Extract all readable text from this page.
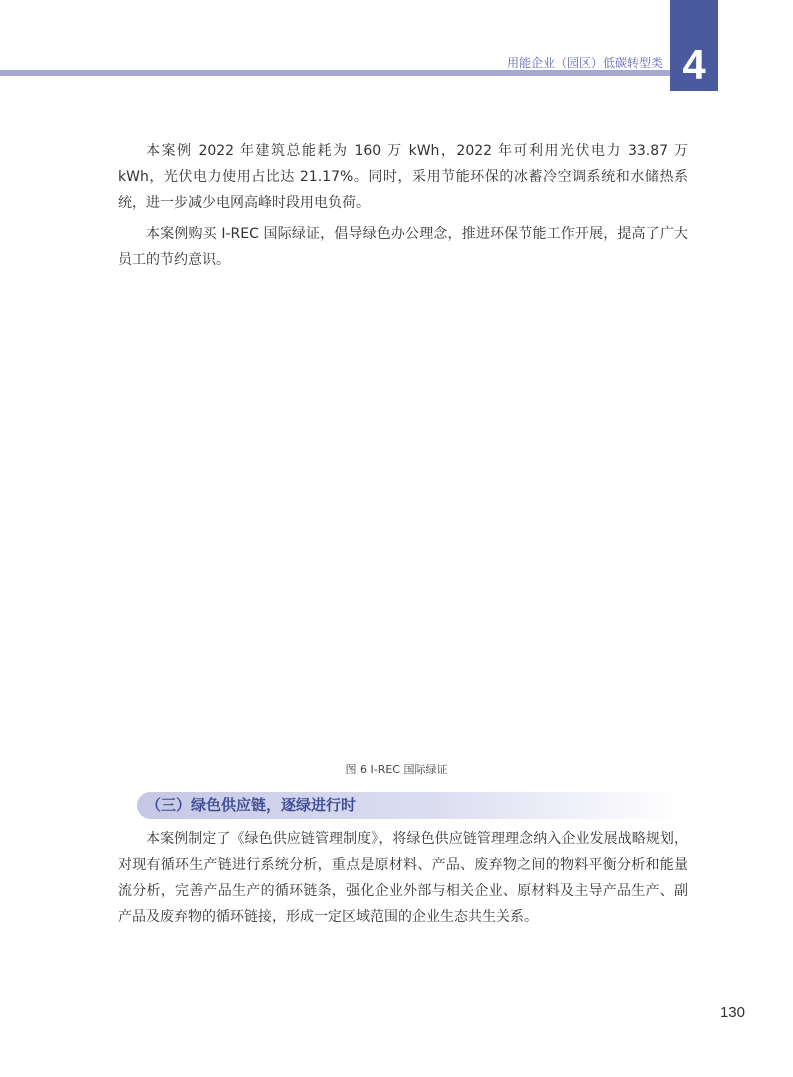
用能企业（园区）低碳转型类 4

本案例 2022 年建筑总能耗为 160 万 kWh，2022 年可利用光伏电力 33.87 万 kWh，光伏电力使用占比达 21.17%。同时，采用节能环保的冰蓄冷空调系统和水储热系统，进一步减少电网高峰时段用电负荷。

本案例购买 I-REC 国际绿证，倡导绿色办公理念，推进环保节能工作开展，提高了广大员工的节约意识。

图 6 I-REC 国际绿证
（三）绿色供应链，逐绿进行时

本案例制定了《绿色供应链管理制度》，将绿色供应链管理理念纳入企业发展战略规划，对现有循环生产链进行系统分析，重点是原材料、产品、废弃物之间的物料平衡分析和能量流分析，完善产品生产的循环链条，强化企业外部与相关企业、原材料及主导产品生产、副产品及废弃物的循环链接，形成一定区域范围的企业生态共生关系。

130
